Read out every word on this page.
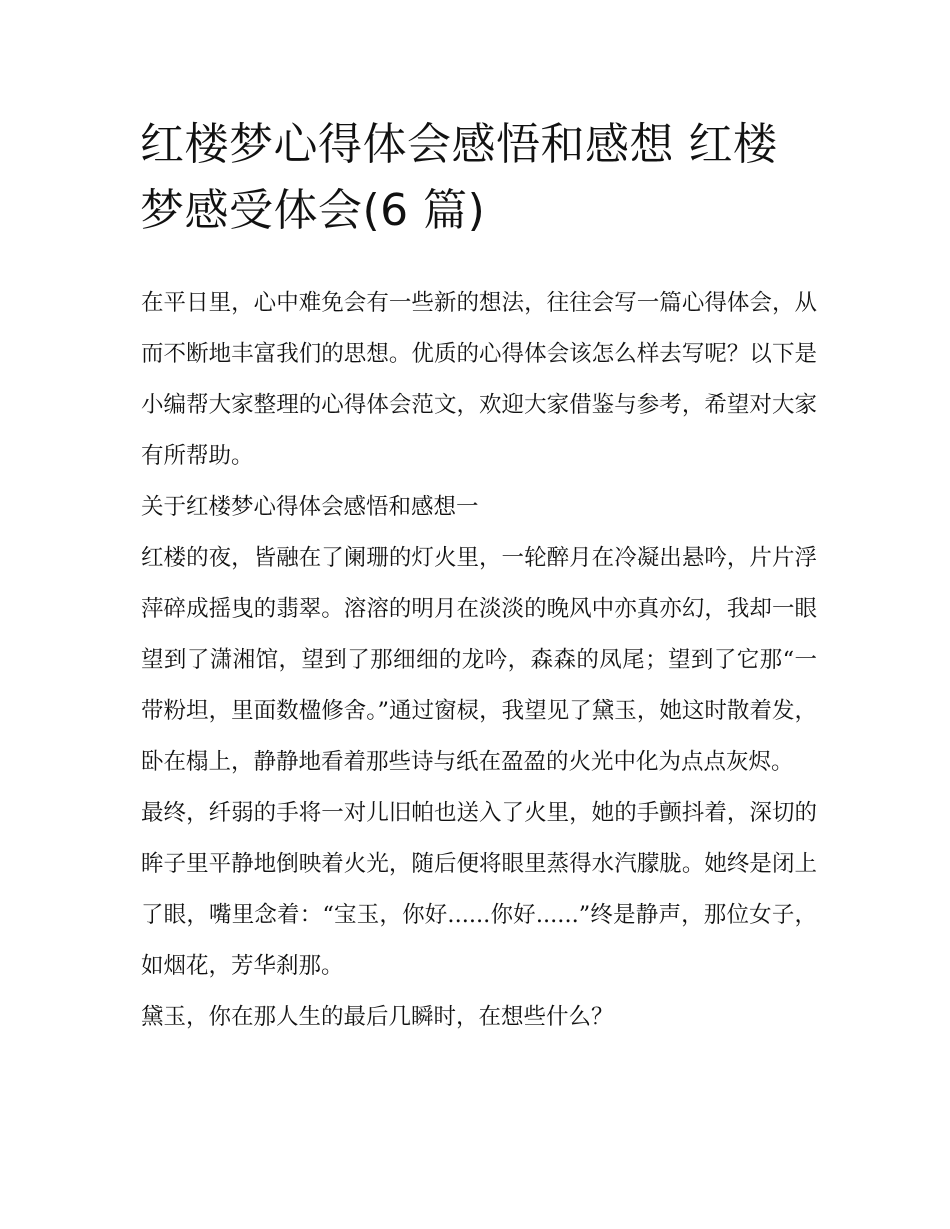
红楼梦心得体会感悟和感想 红楼梦感受体会(6 篇)

在平日里，心中难免会有一些新的想法，往往会写一篇心得体会，从而不断地丰富我们的思想。优质的心得体会该怎么样去写呢？以下是小编帮大家整理的心得体会范文，欢迎大家借鉴与参考，希望对大家有所帮助。

关于红楼梦心得体会感悟和感想一

红楼的夜，皆融在了阑珊的灯火里，一轮醉月在冷凝出悬吟，片片浮萍碎成摇曳的翡翠。溶溶的明月在淡淡的晚风中亦真亦幻，我却一眼望到了潇湘馆，望到了那细细的龙吟，森森的凤尾；望到了它那“一带粉坦，里面数楹修舍。”通过窗棂，我望见了黛玉，她这时散着发，卧在榻上，静静地看着那些诗与纸在盈盈的火光中化为点点灰烬。

最终，纤弱的手将一对儿旧帕也送入了火里，她的手颤抖着，深切的眸子里平静地倒映着火光，随后便将眼里蒸得水汽朦胧。她终是闭上了眼，嘴里念着：“宝玉，你好......你好......”终是静声，那位女子，如烟花，芳华刹那。

黛玉，你在那人生的最后几瞬时，在想些什么？
